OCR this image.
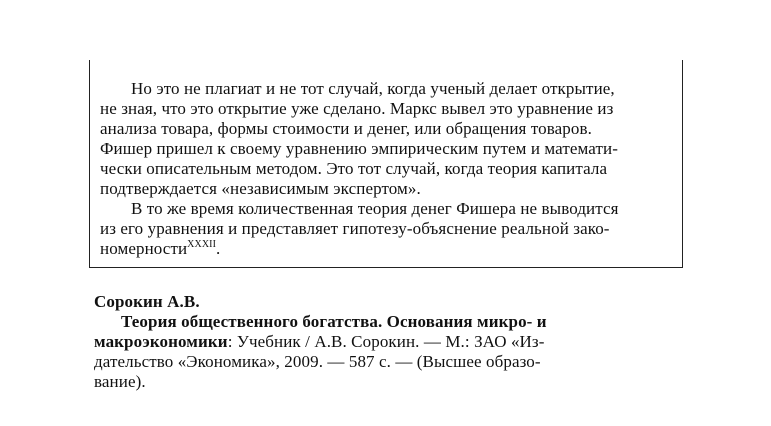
Но это не плагиат и не тот случай, когда ученый делает открытие,
не зная, что это открытие уже сделано. Маркс вывел это уравнение из
анализа товара, формы стоимости и денег, или обращения товаров.
Фишер пришел к своему уравнению эмпирическим путем и математи-
чески описательным методом. Это тот случай, когда теория капитала
подтверждается «независимым экспертом».
В то же время количественная теория денег Фишера не выводится
из его уравнения и представляет гипотезу-объяснение реальной зако-
номерности$^{XXXII}$.
Сорокин А.В.
Теория общественного богатства. Основания микро- и
макроэкономики: Учебник / А.В. Сорокин. — М.: ЗАО «Из-
дательство «Экономика», 2009. — 587 с. — (Высшее образо-
вание).
